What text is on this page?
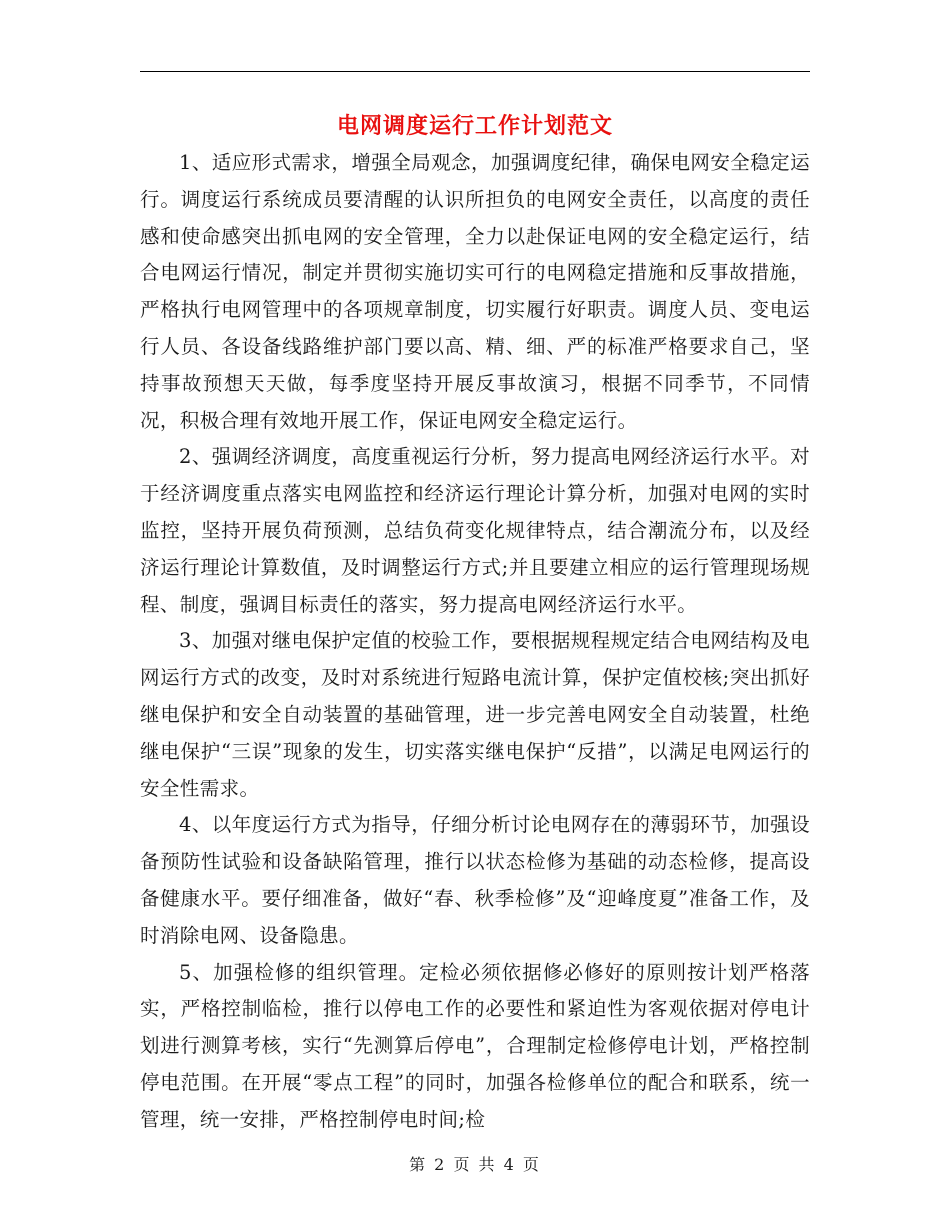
电网调度运行工作计划范文

1、适应形式需求，增强全局观念，加强调度纪律，确保电网安全稳定运行。调度运行系统成员要清醒的认识所担负的电网安全责任，以高度的责任感和使命感突出抓电网的安全管理，全力以赴保证电网的安全稳定运行，结合电网运行情况，制定并贯彻实施切实可行的电网稳定措施和反事故措施，严格执行电网管理中的各项规章制度，切实履行好职责。调度人员、变电运行人员、各设备线路维护部门要以高、精、细、严的标准严格要求自己，坚持事故预想天天做，每季度坚持开展反事故演习，根据不同季节，不同情况，积极合理有效地开展工作，保证电网安全稳定运行。

2、强调经济调度，高度重视运行分析，努力提高电网经济运行水平。对于经济调度重点落实电网监控和经济运行理论计算分析，加强对电网的实时监控，坚持开展负荷预测，总结负荷变化规律特点，结合潮流分布，以及经济运行理论计算数值，及时调整运行方式;并且要建立相应的运行管理现场规程、制度，强调目标责任的落实，努力提高电网经济运行水平。

3、加强对继电保护定值的校验工作，要根据规程规定结合电网结构及电网运行方式的改变，及时对系统进行短路电流计算，保护定值校核;突出抓好继电保护和安全自动装置的基础管理，进一步完善电网安全自动装置，杜绝继电保护“三误”现象的发生，切实落实继电保护“反措”，以满足电网运行的安全性需求。

4、以年度运行方式为指导，仔细分析讨论电网存在的薄弱环节，加强设备预防性试验和设备缺陷管理，推行以状态检修为基础的动态检修，提高设备健康水平。要仔细准备，做好“春、秋季检修”及“迎峰度夏”准备工作，及时消除电网、设备隐患。

5、加强检修的组织管理。定检必须依据修必修好的原则按计划严格落实，严格控制临检，推行以停电工作的必要性和紧迫性为客观依据对停电计划进行测算考核，实行“先测算后停电”，合理制定检修停电计划，严格控制停电范围。在开展“零点工程”的同时，加强各检修单位的配合和联系，统一管理，统一安排，严格控制停电时间;检

第 2 页 共 4 页
